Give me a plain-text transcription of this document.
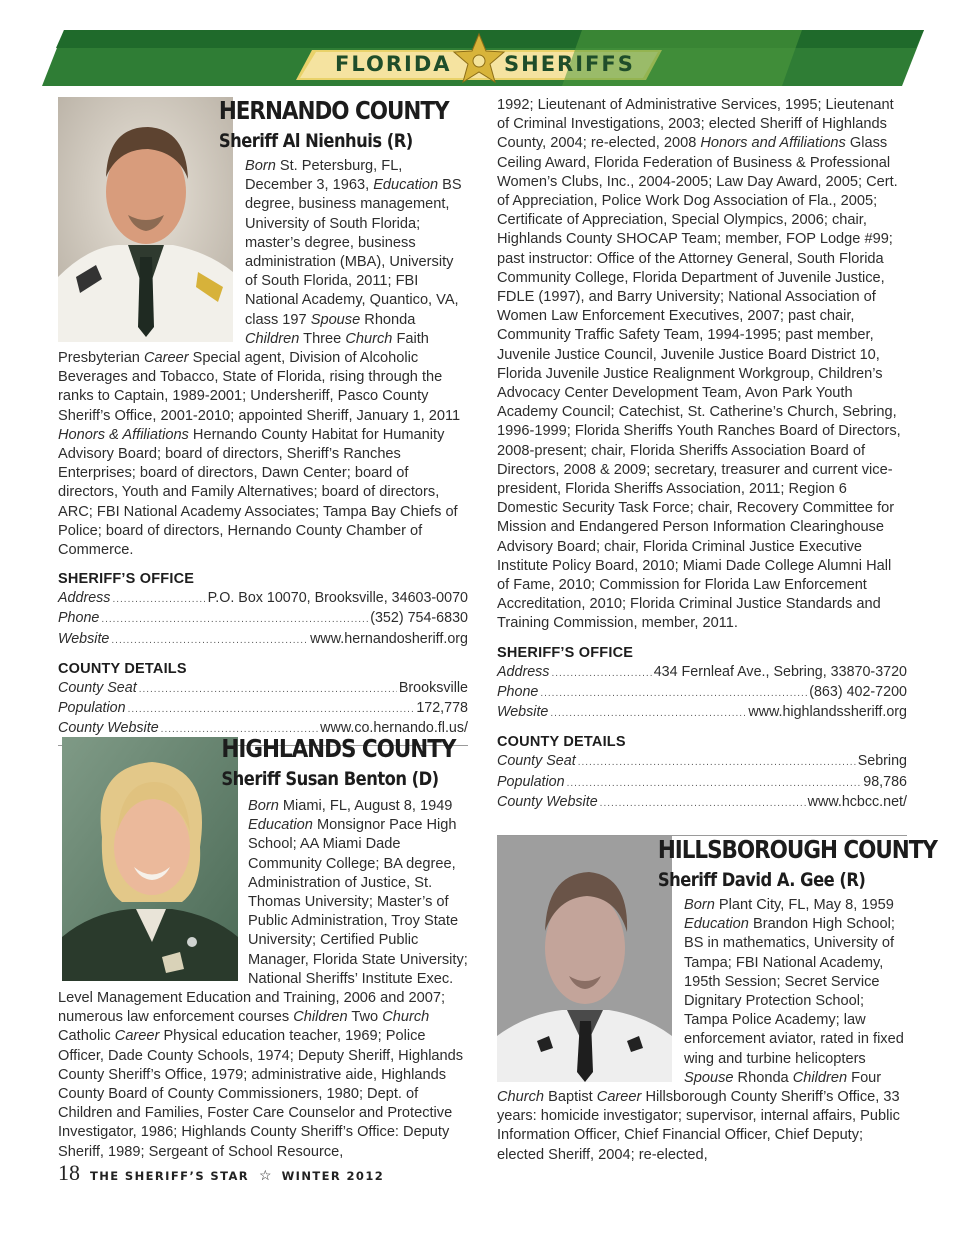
FLORIDA	SHERIFFS
HERNANDO COUNTY
Sheriff Al Nienhuis (R)
Born St. Petersburg, FL, December 3, 1963, Education BS degree, business management, University of South Florida; master’s degree, business administration (MBA), University of South Florida, 2011; FBI National Academy, Quantico, VA, class 197 Spouse Rhonda Children Three Church Faith Presbyterian Career Special agent, Division of Alcoholic Beverages and Tobacco, State of Florida, rising through the ranks to Captain, 1989-2001; Undersheriff, Pasco County Sheriff’s Office, 2001-2010; appointed Sheriff, January 1, 2011 Honors & Affiliations Hernando County Habitat for Humanity Advisory Board; board of directors, Sheriff’s Ranches Enterprises; board of directors, Dawn Center; board of directors, Youth and Family Alternatives; board of directors, ARC; FBI National Academy Associates; Tampa Bay Chiefs of Police; board of directors, Hernando County Chamber of Commerce.
SHERIFF’S OFFICE
Address .....	P.O. Box 10070, Brooksville, 34603-0070
Phone .....	(352) 754-6830
Website .....	www.hernandosheriff.org
COUNTY DETAILS
County Seat .....	Brooksville
Population .....	172,778
County Website .....	www.co.hernando.fl.us/
HIGHLANDS COUNTY
Sheriff Susan Benton (D)
Born Miami, FL, August 8, 1949 Education Monsignor Pace High School; AA Miami Dade Community College; BA degree, Administration of Justice, St. Thomas University; Master’s of Public Administration, Troy State University; Certified Public Manager, Florida State University; National Sheriffs’ Institute Exec. Level Management Education and Training, 2006 and 2007; numerous law enforcement courses Children Two Church Catholic Career Physical education teacher, 1969; Police Officer, Dade County Schools, 1974; Deputy Sheriff, Highlands County Sheriff’s Office, 1979; administrative aide, Highlands County Board of County Commissioners, 1980; Dept. of Children and Families, Foster Care Counselor and Protective Investigator, 1986; Highlands County Sheriff’s Office: Deputy Sheriff, 1989; Sergeant of School Resource,
1992; Lieutenant of Administrative Services, 1995; Lieutenant of Criminal Investigations, 2003; elected Sheriff of Highlands County, 2004; re-elected, 2008 Honors and Affiliations Glass Ceiling Award, Florida Federation of Business & Professional Women’s Clubs, Inc., 2004-2005; Law Day Award, 2005; Cert. of Appreciation, Police Work Dog Association of Fla., 2005; Certificate of Appreciation, Special Olympics, 2006; chair, Highlands County SHOCAP Team; member, FOP Lodge #99; past instructor: Office of the Attorney General, South Florida Community College, Florida Department of Juvenile Justice, FDLE (1997), and Barry University; National Association of Women Law Enforcement Executives, 2007; past chair, Community Traffic Safety Team, 1994-1995; past member, Juvenile Justice Council, Juvenile Justice Board District 10, Florida Juvenile Justice Realignment Workgroup, Children’s Advocacy Center Development Team, Avon Park Youth Academy Council; Catechist, St. Catherine’s Church, Sebring, 1996-1999; Florida Sheriffs Youth Ranches Board of Directors, 2008-present; chair, Florida Sheriffs Association Board of Directors, 2008 & 2009; secretary, treasurer and current vice-president, Florida Sheriffs Association, 2011; Region 6 Domestic Security Task Force; chair, Recovery Committee for Mission and Endangered Person Information Clearinghouse Advisory Board; chair, Florida Criminal Justice Executive Institute Policy Board, 2010; Miami Dade College Alumni Hall of Fame, 2010; Commission for Florida Law Enforcement Accreditation, 2010; Florida Criminal Justice Standards and Training Commission, member, 2011.
SHERIFF’S OFFICE
Address .....	434 Fernleaf Ave., Sebring, 33870-3720
Phone .....	(863) 402-7200
Website .....	www.highlandssheriff.org
COUNTY DETAILS
County Seat .....	Sebring
Population .....	98,786
County Website .....	www.hcbcc.net/
HILLSBOROUGH COUNTY
Sheriff David A. Gee (R)
Born Plant City, FL, May 8, 1959 Education Brandon High School; BS in mathematics, University of Tampa; FBI National Academy, 195th Session; Secret Service Dignitary Protection School; Tampa Police Academy; law enforcement aviator, rated in fixed wing and turbine helicopters Spouse Rhonda Children Four Church Baptist Career Hillsborough County Sheriff’s Office, 33 years: homicide investigator; supervisor, internal affairs, Public Information Officer, Chief Financial Officer, Chief Deputy; elected Sheriff, 2004; re-elected,
18 THE SHERIFF’S STAR ☆ WINTER 2012
